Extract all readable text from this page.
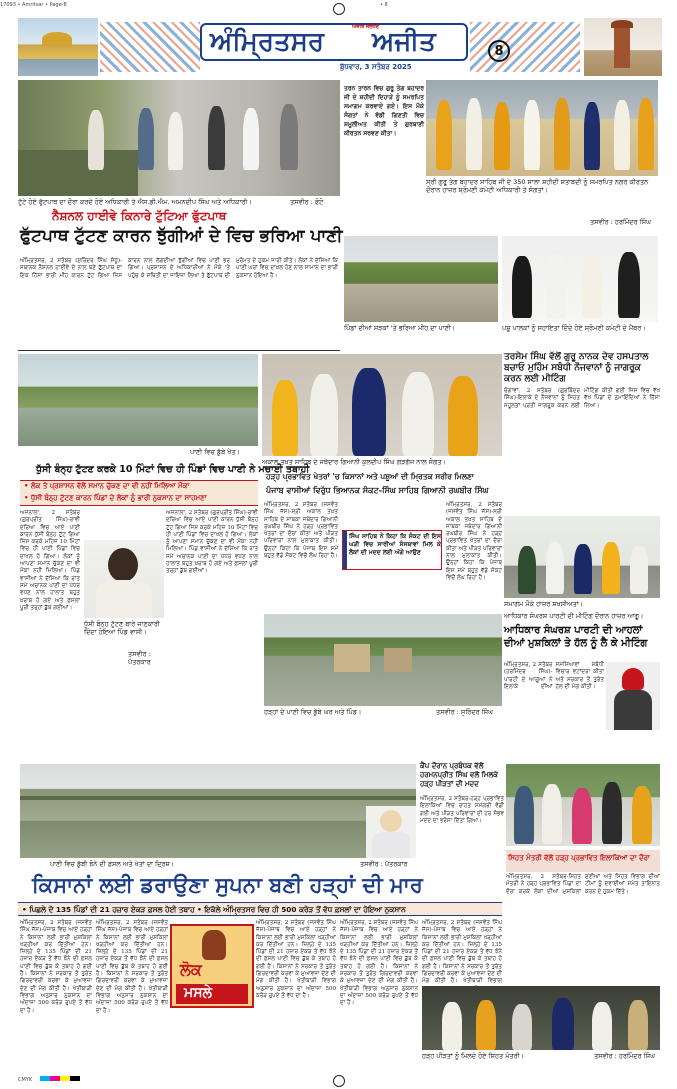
17093 • Amritsar • Page-8	• 8
ਅੰਮ੍ਰਿਤਸਰ ਅਜੀਤ
ਅਜੀਤ ਜਲੰਧਰ
ਬੁੱਧਵਾਰ, 3 ਸਤੰਬਰ 2025
8
ਟੁੱਟੇ ਹੋਏ ਫੁੱਟਪਾਥ ਦਾ ਦੌਰਾ ਕਰਦੇ ਹੋਏ ਅਧਿਕਾਰੀ ਤੇ ਐਸ.ਡੀ.ਐਮ. ਅਮਨਦੀਪ ਸਿੰਘ ਅਤੇ ਅਧਿਕਾਰੀ।	ਤਸਵੀਰ : ਫੋਟੋ
ਨੈਸ਼ਨਲ ਹਾਈਵੇ ਕਿਨਾਰੇ ਟੁੱਟਿਆ ਫੁੱਟਪਾਥ
ਫੁੱਟਪਾਥ ਟੁੱਟਣ ਕਾਰਨ ਝੁੱਗੀਆਂ ਦੇ ਵਿਚ ਭਰਿਆ ਪਾਣੀ
ਅੰਮ੍ਰਿਤਸਰ, 2 ਸਤੰਬਰ (ਸੁਰਿੰਦਰ ਸਿੰਘ ਸੰਧੂ)-ਸਥਾਨਕ ਨੈਸ਼ਨਲ ਹਾਈਵੇ ਦੇ ਨਾਲ ਬਣੇ ਫੁੱਟਪਾਥ ਦਾ ਇਕ ਹਿੱਸਾ ਭਾਰੀ ਮੀਂਹ ਕਾਰਨ ਟੁੱਟ ਗਿਆ ਜਿਸ ਕਾਰਨ ਨਾਲ ਲੱਗਦੀਆਂ ਝੁੱਗੀਆਂ ਵਿਚ ਪਾਣੀ ਭਰ ਗਿਆ। ਪ੍ਰਸ਼ਾਸਨ ਦੇ ਅਧਿਕਾਰੀਆਂ ਨੇ ਮੌਕੇ 'ਤੇ ਪਹੁੰਚ ਕੇ ਸਥਿਤੀ ਦਾ ਜਾਇਜ਼ਾ ਲਿਆ ਤੇ ਫੁੱਟਪਾਥ ਦੀ ਮੁਰੰਮਤ ਦੇ ਹੁਕਮ ਜਾਰੀ ਕੀਤੇ। ਲੋਕਾਂ ਨੇ ਦੱਸਿਆ ਕਿ ਪਾਣੀ ਘਰਾਂ ਵਿਚ ਦਾਖ਼ਲ ਹੋਣ ਨਾਲ ਸਾਮਾਨ ਦਾ ਭਾਰੀ ਨੁਕਸਾਨ ਹੋਇਆ ਹੈ।
ਤਰਨ ਤਾਰਨ ਵਿਚ ਗੁਰੂ ਤੇਗ ਬਹਾਦਰ ਜੀ ਦੇ ਸ਼ਹੀਦੀ ਦਿਹਾੜੇ ਨੂੰ ਸਮਰਪਿਤ ਸਮਾਗਮ ਕਰਵਾਏ ਗਏ। ਇਸ ਮੌਕੇ ਸੰਗਤਾਂ ਨੇ ਵੱਡੀ ਗਿਣਤੀ ਵਿਚ ਸ਼ਮੂਲੀਅਤ ਕੀਤੀ ਤੇ ਗੁਰਬਾਣੀ ਕੀਰਤਨ ਸਰਵਣ ਕੀਤਾ।
ਸ੍ਰੀ ਗੁਰੂ ਤੇਗ ਬਹਾਦਰ ਸਾਹਿਬ ਜੀ ਦੇ 350 ਸਾਲਾ ਸ਼ਹੀਦੀ ਸ਼ਤਾਬਦੀ ਨੂੰ ਸਮਰਪਿਤ ਨਗਰ ਕੀਰਤਨ ਦੌਰਾਨ ਹਾਜ਼ਰ ਸ਼੍ਰੋਮਣੀ ਕਮੇਟੀ ਅਧਿਕਾਰੀ ਤੇ ਸੰਗਤਾਂ।
ਤਸਵੀਰ : ਹਰਮਿੰਦਰ ਸਿੰਘ
ਪਿੰਡਾਂ ਦੀਆਂ ਸੜਕਾਂ 'ਤੇ ਭਰਿਆ ਮੀਂਹ ਦਾ ਪਾਣੀ।	ਪਸ਼ੂ ਪਾਲਕਾਂ ਨੂੰ ਸਹਾਇਤਾ ਦਿੰਦੇ ਹੋਏ ਸ਼੍ਰੋਮਣੀ ਕਮੇਟੀ ਦੇ ਮੈਂਬਰ।
ਪਾਣੀ ਵਿਚ ਡੁੱਬੇ ਖੇਤ।
ਅਕਾਲ ਤਖ਼ਤ ਸਾਹਿਬ ਦੇ ਜਥੇਦਾਰ ਗਿਆਨੀ ਕੁਲਦੀਪ ਸਿੰਘ ਗੜਗੱਜ ਨਾਲ ਸੰਗਤ।
ਤਰਸੇਮ ਸਿੰਘ ਵੱਲੋਂ ਗੁਰੂ ਨਾਨਕ ਦੇਵ ਹਸਪਤਾਲ ਬਚਾਓ ਮੁਹਿੰਮ ਸਬੰਧੀ ਨੌਜਵਾਨਾਂ ਨੂੰ ਜਾਗਰੂਕ ਕਰਨ ਲਈ ਮੀਟਿੰਗ
ਚੋਗਾਵਾਂ, 2 ਸਤੰਬਰ (ਗੁਰਬਿੰਦਰ ਸਿੰਘ)-ਇਲਾਕੇ ਦੇ ਨੌਜਵਾਨਾਂ ਨੂੰ ਸਿਹਤ ਸਹੂਲਤਾਂ ਪ੍ਰਤੀ ਜਾਗਰੂਕ ਕਰਨ ਲਈ ਮੀਟਿੰਗ ਕੀਤੀ ਗਈ ਜਿਸ ਵਿਚ ਵੱਖ ਵੱਖ ਪਿੰਡਾਂ ਦੇ ਨੁਮਾਇੰਦਿਆਂ ਨੇ ਹਿੱਸਾ ਲਿਆ।
ਸਮਾਗਮ ਮੌਕੇ ਹਾਜ਼ਰ ਸ਼ਖ਼ਸੀਅਤਾਂ।
ਧੁੱਸੀ ਬੰਨ੍ਹ ਟੁੱਟਣ ਕਰਕੇ 10 ਮਿੰਟਾਂ ਵਿਚ ਹੀ ਪਿੰਡਾਂ ਵਿਚ ਪਾਣੀ ਨੇ ਮਚਾਈ ਤਬਾਹੀ
• ਲੋਕ ਤੇ ਪ੍ਰਸ਼ਾਸਨ ਵੱਲੋਂ ਸਮਾਨ ਚੁੱਕਣ ਦਾ ਵੀ ਨਹੀਂ ਮਿਲਿਆ ਮੌਕਾ
• ਧੁੱਸੀ ਬੰਨ੍ਹ ਟੁੱਟਣ ਕਾਰਨ ਪਿੰਡਾਂ ਦੇ ਲੋਕਾਂ ਨੂੰ ਭਾਰੀ ਨੁਕਸਾਨ ਦਾ ਸਾਹਮਣਾ
ਅਜਨਾਲਾ, 2 ਸਤੰਬਰ (ਗੁਰਪ੍ਰੀਤ ਸਿੰਘ)-ਰਾਵੀ ਦਰਿਆ ਵਿਚ ਆਏ ਪਾਣੀ ਕਾਰਨ ਧੁੱਸੀ ਬੰਨ੍ਹ ਟੁੱਟ ਗਿਆ ਜਿਸ ਕਰਕੇ ਮਹਿਜ਼ 10 ਮਿੰਟਾਂ ਵਿਚ ਹੀ ਪਾਣੀ ਪਿੰਡਾਂ ਵਿਚ ਦਾਖਲ ਹੋ ਗਿਆ। ਲੋਕਾਂ ਨੂੰ ਆਪਣਾ ਸਮਾਨ ਚੁੱਕਣ ਦਾ ਵੀ ਮੌਕਾ ਨਹੀਂ ਮਿਲਿਆ। ਪਿੰਡ ਵਾਸੀਆਂ ਨੇ ਦੱਸਿਆ ਕਿ ਰਾਤ ਸਮੇਂ ਅਚਾਨਕ ਪਾਣੀ ਦਾ ਪੱਧਰ ਵਧਣ ਨਾਲ ਹਾਲਾਤ ਬਹੁਤ ਖ਼ਰਾਬ ਹੋ ਗਏ ਅਤੇ ਫ਼ਸਲਾਂ ਪੂਰੀ ਤਰ੍ਹਾਂ ਡੁੱਬ ਗਈਆਂ।
ਧੁੱਸੀ ਬੰਨ੍ਹ ਟੁੱਟਣ ਬਾਰੇ ਜਾਣਕਾਰੀ ਦਿੰਦਾ ਹੋਇਆ ਪਿੰਡ ਵਾਸੀ।
ਤਸਵੀਰ : ਪੱਤਰਕਾਰ
ਅਜਨਾਲਾ, 2 ਸਤੰਬਰ (ਗੁਰਪ੍ਰੀਤ ਸਿੰਘ)-ਰਾਵੀ ਦਰਿਆ ਵਿਚ ਆਏ ਪਾਣੀ ਕਾਰਨ ਧੁੱਸੀ ਬੰਨ੍ਹ ਟੁੱਟ ਗਿਆ ਜਿਸ ਕਰਕੇ ਮਹਿਜ਼ 10 ਮਿੰਟਾਂ ਵਿਚ ਹੀ ਪਾਣੀ ਪਿੰਡਾਂ ਵਿਚ ਦਾਖਲ ਹੋ ਗਿਆ। ਲੋਕਾਂ ਨੂੰ ਆਪਣਾ ਸਮਾਨ ਚੁੱਕਣ ਦਾ ਵੀ ਮੌਕਾ ਨਹੀਂ ਮਿਲਿਆ। ਪਿੰਡ ਵਾਸੀਆਂ ਨੇ ਦੱਸਿਆ ਕਿ ਰਾਤ ਸਮੇਂ ਅਚਾਨਕ ਪਾਣੀ ਦਾ ਪੱਧਰ ਵਧਣ ਨਾਲ ਹਾਲਾਤ ਬਹੁਤ ਖ਼ਰਾਬ ਹੋ ਗਏ ਅਤੇ ਫ਼ਸਲਾਂ ਪੂਰੀ ਤਰ੍ਹਾਂ ਡੁੱਬ ਗਈਆਂ।
ਹੜ੍ਹ ਪ੍ਰਭਾਵਿਤ ਖੇਤਰਾਂ 'ਚ ਕਿਸਾਨਾਂ ਅਤੇ ਪਸ਼ੂਆਂ ਦੀ ਮ੍ਰਿਤਕ ਸਰੀਰ ਮਿਲਣਾ
ਪੰਜਾਬ ਵਾਸੀਆਂ ਵਿਰੁੱਧ ਭਿਆਨਕ ਸੰਕਟ-ਸਿੰਘ ਸਾਹਿਬ ਗਿਆਨੀ ਰਘਬੀਰ ਸਿੰਘ
ਅੰਮ੍ਰਿਤਸਰ, 2 ਸਤੰਬਰ (ਜਸਵੰਤ ਸਿੰਘ ਜੱਸ)-ਸ੍ਰੀ ਅਕਾਲ ਤਖ਼ਤ ਸਾਹਿਬ ਦੇ ਸਾਬਕਾ ਜਥੇਦਾਰ ਗਿਆਨੀ ਰਘਬੀਰ ਸਿੰਘ ਨੇ ਹੜ੍ਹ ਪ੍ਰਭਾਵਿਤ ਖੇਤਰਾਂ ਦਾ ਦੌਰਾ ਕੀਤਾ ਅਤੇ ਪੀੜਤ ਪਰਿਵਾਰਾਂ ਨਾਲ ਮੁਲਾਕਾਤ ਕੀਤੀ। ਉਨ੍ਹਾਂ ਕਿਹਾ ਕਿ ਪੰਜਾਬ ਇਸ ਸਮੇਂ ਬਹੁਤ ਵੱਡੇ ਸੰਕਟ ਵਿਚੋਂ ਲੰਘ ਰਿਹਾ ਹੈ।
ਸਿੰਘ ਸਾਹਿਬ ਨੇ ਕਿਹਾ ਕਿ ਸੰਕਟ ਦੀ ਇਸ ਘੜੀ ਵਿਚ ਸਾਰੀਆਂ ਸੰਸਥਾਵਾਂ ਮਿਲ ਕੇ ਲੋਕਾਂ ਦੀ ਮਦਦ ਲਈ ਅੱਗੇ ਆਉਣ
ਅੰਮ੍ਰਿਤਸਰ, 2 ਸਤੰਬਰ (ਜਸਵੰਤ ਸਿੰਘ ਜੱਸ)-ਸ੍ਰੀ ਅਕਾਲ ਤਖ਼ਤ ਸਾਹਿਬ ਦੇ ਸਾਬਕਾ ਜਥੇਦਾਰ ਗਿਆਨੀ ਰਘਬੀਰ ਸਿੰਘ ਨੇ ਹੜ੍ਹ ਪ੍ਰਭਾਵਿਤ ਖੇਤਰਾਂ ਦਾ ਦੌਰਾ ਕੀਤਾ ਅਤੇ ਪੀੜਤ ਪਰਿਵਾਰਾਂ ਨਾਲ ਮੁਲਾਕਾਤ ਕੀਤੀ। ਉਨ੍ਹਾਂ ਕਿਹਾ ਕਿ ਪੰਜਾਬ ਇਸ ਸਮੇਂ ਬਹੁਤ ਵੱਡੇ ਸੰਕਟ ਵਿਚੋਂ ਲੰਘ ਰਿਹਾ ਹੈ।
ਹੜ੍ਹਾਂ ਦੇ ਪਾਣੀ ਵਿਚ ਡੁੱਬੇ ਘਰ ਅਤੇ ਪਿੰਡ।	ਤਸਵੀਰ : ਸੁਰਿੰਦਰ ਸਿੰਘ
ਆਧਿਕਾਰ ਸੰਘਰਸ਼ ਪਾਰਟੀ ਦੀ ਮੀਟਿੰਗ ਦੌਰਾਨ ਹਾਜ਼ਰ ਆਗੂ।
ਆਧਿਕਾਰ ਸੰਘਰਸ਼ ਪਾਰਟੀ ਦੀ ਆਹਲਾਂ ਦੀਆਂ ਮੁਸ਼ਕਿਲਾਂ ਤੇ ਹੱਲ ਨੂੰ ਲੈ ਕੇ ਮੀਟਿੰਗ
ਅੰਮ੍ਰਿਤਸਰ, 2 ਸਤੰਬਰ (ਹਰਮਿੰਦਰ ਸਿੰਘ)-ਪਾਰਟੀ ਦੇ ਆਗੂਆਂ ਨੇ ਇਲਾਕੇ ਦੀਆਂ ਸਮੱਸਿਆਵਾਂ ਸਬੰਧੀ ਵਿਚਾਰ ਵਟਾਂਦਰਾ ਕੀਤਾ ਅਤੇ ਸਰਕਾਰ ਤੋਂ ਤੁਰੰਤ ਹੱਲ ਦੀ ਮੰਗ ਕੀਤੀ।
ਕੈਂਪ ਦੌਰਾਨ ਪ੍ਰਬੰਧਕ ਵੱਲੋਂ ਹਰਮਨਪ੍ਰੀਤ ਸਿੰਘ ਵਲੋਂ ਮਿਲਕੇ ਹੜ੍ਹ ਪੀੜਤਾਂ ਦੀ ਮਦਦ
ਅੰਮ੍ਰਿਤਸਰ, 2 ਸਤੰਬਰ-ਹੜ੍ਹ ਪ੍ਰਭਾਵਿਤ ਇਲਾਕਿਆਂ ਵਿਚ ਰਾਹਤ ਸਮੱਗਰੀ ਵੰਡੀ ਗਈ ਅਤੇ ਪੀੜਤ ਪਰਿਵਾਰਾਂ ਦੀ ਹਰ ਸੰਭਵ ਮਦਦ ਦਾ ਭਰੋਸਾ ਦਿੱਤਾ ਗਿਆ।
ਪਾਣੀ ਵਿਚ ਡੁੱਬੀ ਝੋਨੇ ਦੀ ਫ਼ਸਲ ਅਤੇ ਖੇਤਾਂ ਦਾ ਦ੍ਰਿਸ਼।	ਤਸਵੀਰ : ਪੱਤਰਕਾਰ
ਕਿਸਾਨਾਂ ਲਈ ਡਰਾਉਣਾ ਸੁਪਨਾ ਬਣੀ ਹੜ੍ਹਾਂ ਦੀ ਮਾਰ
• ਪਿਛਲੇ ਦੋ 135 ਪਿੰਡਾਂ ਦੀ 21 ਹਜ਼ਾਰ ਏਕੜ ਫ਼ਸਲ ਹੋਈ ਤਬਾਹ • ਇਕੱਲੇ ਅੰਮ੍ਰਿਤਸਰ ਵਿਚ ਹੀ 500 ਕਰੋੜ ਤੋਂ ਵੱਧ ਫ਼ਸਲਾਂ ਦਾ ਹੋਇਆ ਨੁਕਸਾਨ
ਅੰਮ੍ਰਿਤਸਰ, 2 ਸਤੰਬਰ (ਜਸਵੰਤ ਸਿੰਘ ਜੱਸ)-ਪੰਜਾਬ ਵਿਚ ਆਏ ਹੜ੍ਹਾਂ ਨੇ ਕਿਸਾਨਾਂ ਲਈ ਭਾਰੀ ਮੁਸ਼ਕਿਲਾਂ ਖੜ੍ਹੀਆਂ ਕਰ ਦਿੱਤੀਆਂ ਹਨ। ਜ਼ਿਲ੍ਹੇ ਦੇ 135 ਪਿੰਡਾਂ ਦੀ 21 ਹਜ਼ਾਰ ਏਕੜ ਤੋਂ ਵੱਧ ਝੋਨੇ ਦੀ ਫ਼ਸਲ ਪਾਣੀ ਵਿਚ ਡੁੱਬ ਕੇ ਤਬਾਹ ਹੋ ਗਈ ਹੈ। ਕਿਸਾਨਾਂ ਨੇ ਸਰਕਾਰ ਤੋਂ ਤੁਰੰਤ ਗਿਰਦਾਵਰੀ ਕਰਵਾ ਕੇ ਮੁਆਵਜ਼ਾ ਦੇਣ ਦੀ ਮੰਗ ਕੀਤੀ ਹੈ। ਖੇਤੀਬਾੜੀ ਵਿਭਾਗ ਅਨੁਸਾਰ ਨੁਕਸਾਨ ਦਾ ਅੰਦਾਜ਼ਾ 500 ਕਰੋੜ ਰੁਪਏ ਤੋਂ ਵੱਧ ਦਾ ਹੈ।
ਅੰਮ੍ਰਿਤਸਰ, 2 ਸਤੰਬਰ (ਜਸਵੰਤ ਸਿੰਘ ਜੱਸ)-ਪੰਜਾਬ ਵਿਚ ਆਏ ਹੜ੍ਹਾਂ ਨੇ ਕਿਸਾਨਾਂ ਲਈ ਭਾਰੀ ਮੁਸ਼ਕਿਲਾਂ ਖੜ੍ਹੀਆਂ ਕਰ ਦਿੱਤੀਆਂ ਹਨ। ਜ਼ਿਲ੍ਹੇ ਦੇ 135 ਪਿੰਡਾਂ ਦੀ 21 ਹਜ਼ਾਰ ਏਕੜ ਤੋਂ ਵੱਧ ਝੋਨੇ ਦੀ ਫ਼ਸਲ ਪਾਣੀ ਵਿਚ ਡੁੱਬ ਕੇ ਤਬਾਹ ਹੋ ਗਈ ਹੈ। ਕਿਸਾਨਾਂ ਨੇ ਸਰਕਾਰ ਤੋਂ ਤੁਰੰਤ ਗਿਰਦਾਵਰੀ ਕਰਵਾ ਕੇ ਮੁਆਵਜ਼ਾ ਦੇਣ ਦੀ ਮੰਗ ਕੀਤੀ ਹੈ। ਖੇਤੀਬਾੜੀ ਵਿਭਾਗ ਅਨੁਸਾਰ ਨੁਕਸਾਨ ਦਾ ਅੰਦਾਜ਼ਾ 500 ਕਰੋੜ ਰੁਪਏ ਤੋਂ ਵੱਧ ਦਾ ਹੈ।
ਲੋਕ
ਮਸਲੇ
ਅੰਮ੍ਰਿਤਸਰ, 2 ਸਤੰਬਰ (ਜਸਵੰਤ ਸਿੰਘ ਜੱਸ)-ਪੰਜਾਬ ਵਿਚ ਆਏ ਹੜ੍ਹਾਂ ਨੇ ਕਿਸਾਨਾਂ ਲਈ ਭਾਰੀ ਮੁਸ਼ਕਿਲਾਂ ਖੜ੍ਹੀਆਂ ਕਰ ਦਿੱਤੀਆਂ ਹਨ। ਜ਼ਿਲ੍ਹੇ ਦੇ 135 ਪਿੰਡਾਂ ਦੀ 21 ਹਜ਼ਾਰ ਏਕੜ ਤੋਂ ਵੱਧ ਝੋਨੇ ਦੀ ਫ਼ਸਲ ਪਾਣੀ ਵਿਚ ਡੁੱਬ ਕੇ ਤਬਾਹ ਹੋ ਗਈ ਹੈ। ਕਿਸਾਨਾਂ ਨੇ ਸਰਕਾਰ ਤੋਂ ਤੁਰੰਤ ਗਿਰਦਾਵਰੀ ਕਰਵਾ ਕੇ ਮੁਆਵਜ਼ਾ ਦੇਣ ਦੀ ਮੰਗ ਕੀਤੀ ਹੈ। ਖੇਤੀਬਾੜੀ ਵਿਭਾਗ ਅਨੁਸਾਰ ਨੁਕਸਾਨ ਦਾ ਅੰਦਾਜ਼ਾ 500 ਕਰੋੜ ਰੁਪਏ ਤੋਂ ਵੱਧ ਦਾ ਹੈ।
ਅੰਮ੍ਰਿਤਸਰ, 2 ਸਤੰਬਰ (ਜਸਵੰਤ ਸਿੰਘ ਜੱਸ)-ਪੰਜਾਬ ਵਿਚ ਆਏ ਹੜ੍ਹਾਂ ਨੇ ਕਿਸਾਨਾਂ ਲਈ ਭਾਰੀ ਮੁਸ਼ਕਿਲਾਂ ਖੜ੍ਹੀਆਂ ਕਰ ਦਿੱਤੀਆਂ ਹਨ। ਜ਼ਿਲ੍ਹੇ ਦੇ 135 ਪਿੰਡਾਂ ਦੀ 21 ਹਜ਼ਾਰ ਏਕੜ ਤੋਂ ਵੱਧ ਝੋਨੇ ਦੀ ਫ਼ਸਲ ਪਾਣੀ ਵਿਚ ਡੁੱਬ ਕੇ ਤਬਾਹ ਹੋ ਗਈ ਹੈ। ਕਿਸਾਨਾਂ ਨੇ ਸਰਕਾਰ ਤੋਂ ਤੁਰੰਤ ਗਿਰਦਾਵਰੀ ਕਰਵਾ ਕੇ ਮੁਆਵਜ਼ਾ ਦੇਣ ਦੀ ਮੰਗ ਕੀਤੀ ਹੈ। ਖੇਤੀਬਾੜੀ ਵਿਭਾਗ ਅਨੁਸਾਰ ਨੁਕਸਾਨ ਦਾ ਅੰਦਾਜ਼ਾ 500 ਕਰੋੜ ਰੁਪਏ ਤੋਂ ਵੱਧ ਦਾ ਹੈ।
ਅੰਮ੍ਰਿਤਸਰ, 2 ਸਤੰਬਰ (ਜਸਵੰਤ ਸਿੰਘ ਜੱਸ)-ਪੰਜਾਬ ਵਿਚ ਆਏ ਹੜ੍ਹਾਂ ਨੇ ਕਿਸਾਨਾਂ ਲਈ ਭਾਰੀ ਮੁਸ਼ਕਿਲਾਂ ਖੜ੍ਹੀਆਂ ਕਰ ਦਿੱਤੀਆਂ ਹਨ। ਜ਼ਿਲ੍ਹੇ ਦੇ 135 ਪਿੰਡਾਂ ਦੀ 21 ਹਜ਼ਾਰ ਏਕੜ ਤੋਂ ਵੱਧ ਝੋਨੇ ਦੀ ਫ਼ਸਲ ਪਾਣੀ ਵਿਚ ਡੁੱਬ ਕੇ ਤਬਾਹ ਹੋ ਗਈ ਹੈ। ਕਿਸਾਨਾਂ ਨੇ ਸਰਕਾਰ ਤੋਂ ਤੁਰੰਤ ਗਿਰਦਾਵਰੀ ਕਰਵਾ ਕੇ ਮੁਆਵਜ਼ਾ ਦੇਣ ਦੀ ਮੰਗ ਕੀਤੀ ਹੈ। ਖੇਤੀਬਾੜੀ ਵਿਭਾਗ
ਸਿਹਤ ਮੰਤਰੀ ਵੱਲੋਂ ਹੜ੍ਹ ਪ੍ਰਭਾਵਿਤ ਇਲਾਕਿਆਂ ਦਾ ਦੌਰਾ
ਅੰਮ੍ਰਿਤਸਰ, 2 ਸਤੰਬਰ-ਸਿਹਤ ਮੰਤਰੀ ਨੇ ਹੜ੍ਹ ਪ੍ਰਭਾਵਿਤ ਪਿੰਡਾਂ ਦਾ ਦੌਰਾ ਕਰਕੇ ਲੋਕਾਂ ਦੀਆਂ ਮੁਸ਼ਕਿਲਾਂ ਸੁਣੀਆਂ ਅਤੇ ਸਿਹਤ ਵਿਭਾਗ ਦੀਆਂ ਟੀਮਾਂ ਨੂੰ ਦਵਾਈਆਂ ਸਮੇਤ ਤਾਇਨਾਤ ਕਰਨ ਦੇ ਹੁਕਮ ਦਿੱਤੇ।
ਹੜ੍ਹ ਪੀੜਤਾਂ ਨੂੰ ਮਿਲਦੇ ਹੋਏ ਸਿਹਤ ਮੰਤਰੀ।	ਤਸਵੀਰ : ਹਰਮਿੰਦਰ ਸਿੰਘ
CMYK
